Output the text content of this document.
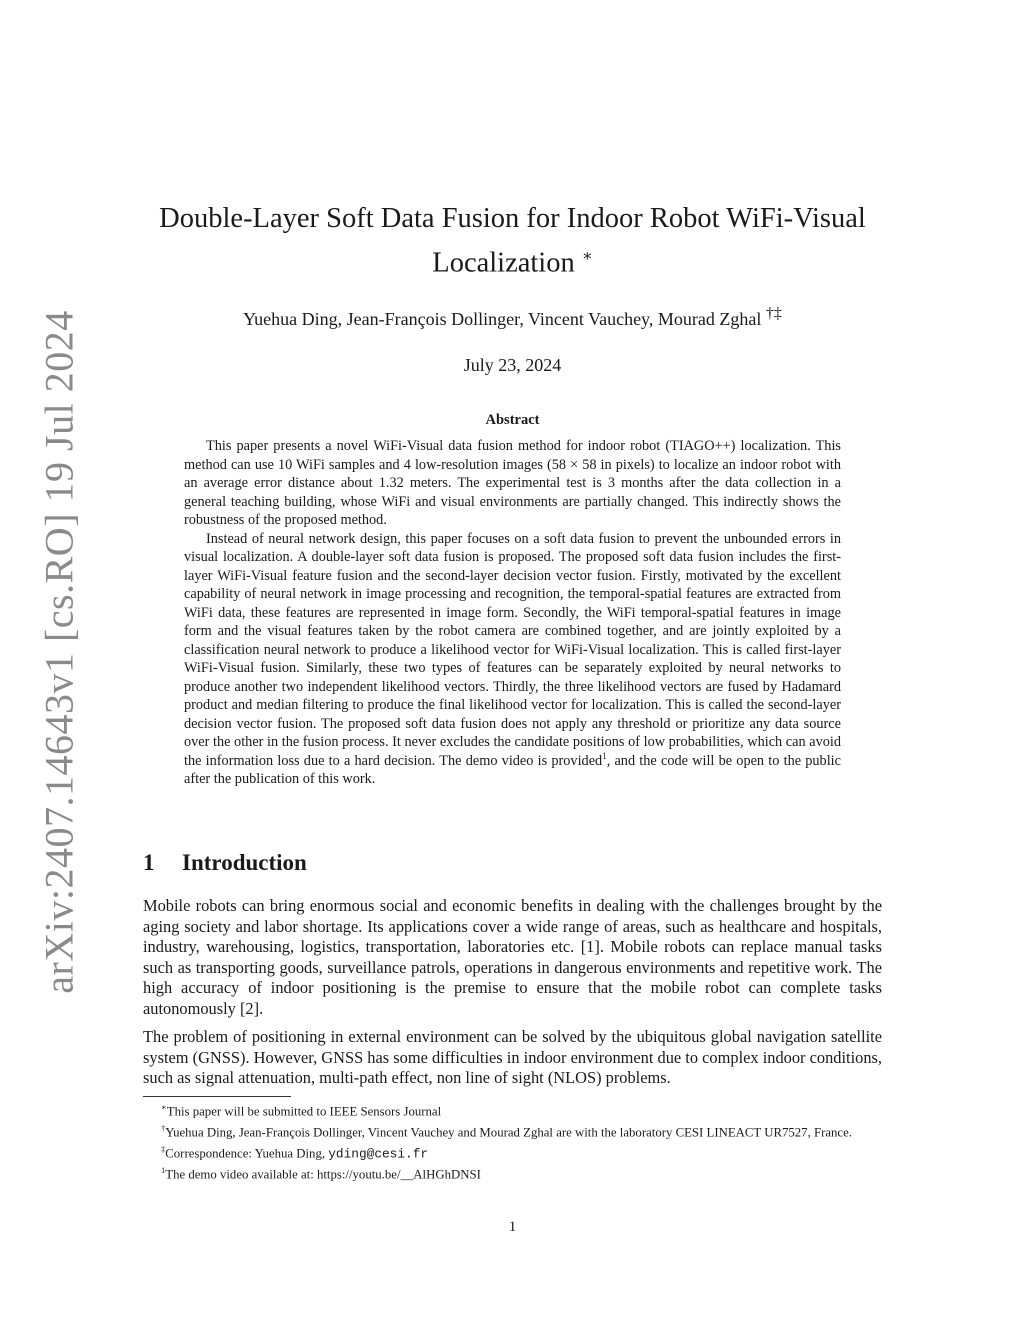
arXiv:2407.14643v1 [cs.RO] 19 Jul 2024
Double-Layer Soft Data Fusion for Indoor Robot WiFi-Visual
Localization ∗
Yuehua Ding, Jean-François Dollinger, Vincent Vauchey, Mourad Zghal †‡
July 23, 2024
Abstract

This paper presents a novel WiFi-Visual data fusion method for indoor robot (TIAGO++) localization. This method can use 10 WiFi samples and 4 low-resolution images (58 × 58 in pixels) to localize an indoor robot with an average error distance about 1.32 meters. The experimental test is 3 months after the data collection in a general teaching building, whose WiFi and visual environments are partially changed. This indirectly shows the robustness of the proposed method.

Instead of neural network design, this paper focuses on a soft data fusion to prevent the unbounded errors in visual localization. A double-layer soft data fusion is proposed. The proposed soft data fusion includes the first-layer WiFi-Visual feature fusion and the second-layer decision vector fusion. Firstly, motivated by the excellent capability of neural network in image processing and recognition, the temporal-spatial features are extracted from WiFi data, these features are represented in image form. Secondly, the WiFi temporal-spatial features in image form and the visual features taken by the robot camera are combined together, and are jointly exploited by a classification neural network to produce a likelihood vector for WiFi-Visual localization. This is called first-layer WiFi-Visual fusion. Similarly, these two types of features can be separately exploited by neural networks to produce another two independent likelihood vectors. Thirdly, the three likelihood vectors are fused by Hadamard product and median filtering to produce the final likelihood vector for localization. This is called the second-layer decision vector fusion. The proposed soft data fusion does not apply any threshold or prioritize any data source over the other in the fusion process. It never excludes the candidate positions of low probabilities, which can avoid the information loss due to a hard decision. The demo video is provided$^1$, and the code will be open to the public after the publication of this work.

1 Introduction

Mobile robots can bring enormous social and economic benefits in dealing with the challenges brought by the aging society and labor shortage. Its applications cover a wide range of areas, such as healthcare and hospitals, industry, warehousing, logistics, transportation, laboratories etc. [1]. Mobile robots can replace manual tasks such as transporting goods, surveillance patrols, operations in dangerous environments and repetitive work. The high accuracy of indoor positioning is the premise to ensure that the mobile robot can complete tasks autonomously [2].

The problem of positioning in external environment can be solved by the ubiquitous global navigation satellite system (GNSS). However, GNSS has some difficulties in indoor environment due to complex indoor conditions, such as signal attenuation, multi-path effect, non line of sight (NLOS) problems.

∗This paper will be submitted to IEEE Sensors Journal
†Yuehua Ding, Jean-François Dollinger, Vincent Vauchey and Mourad Zghal are with the laboratory CESI LINEACT UR7527, France.
‡Correspondence: Yuehua Ding, yding@cesi.fr
$^1$The demo video available at: https://youtu.be/__AlHGhDNSI
1
